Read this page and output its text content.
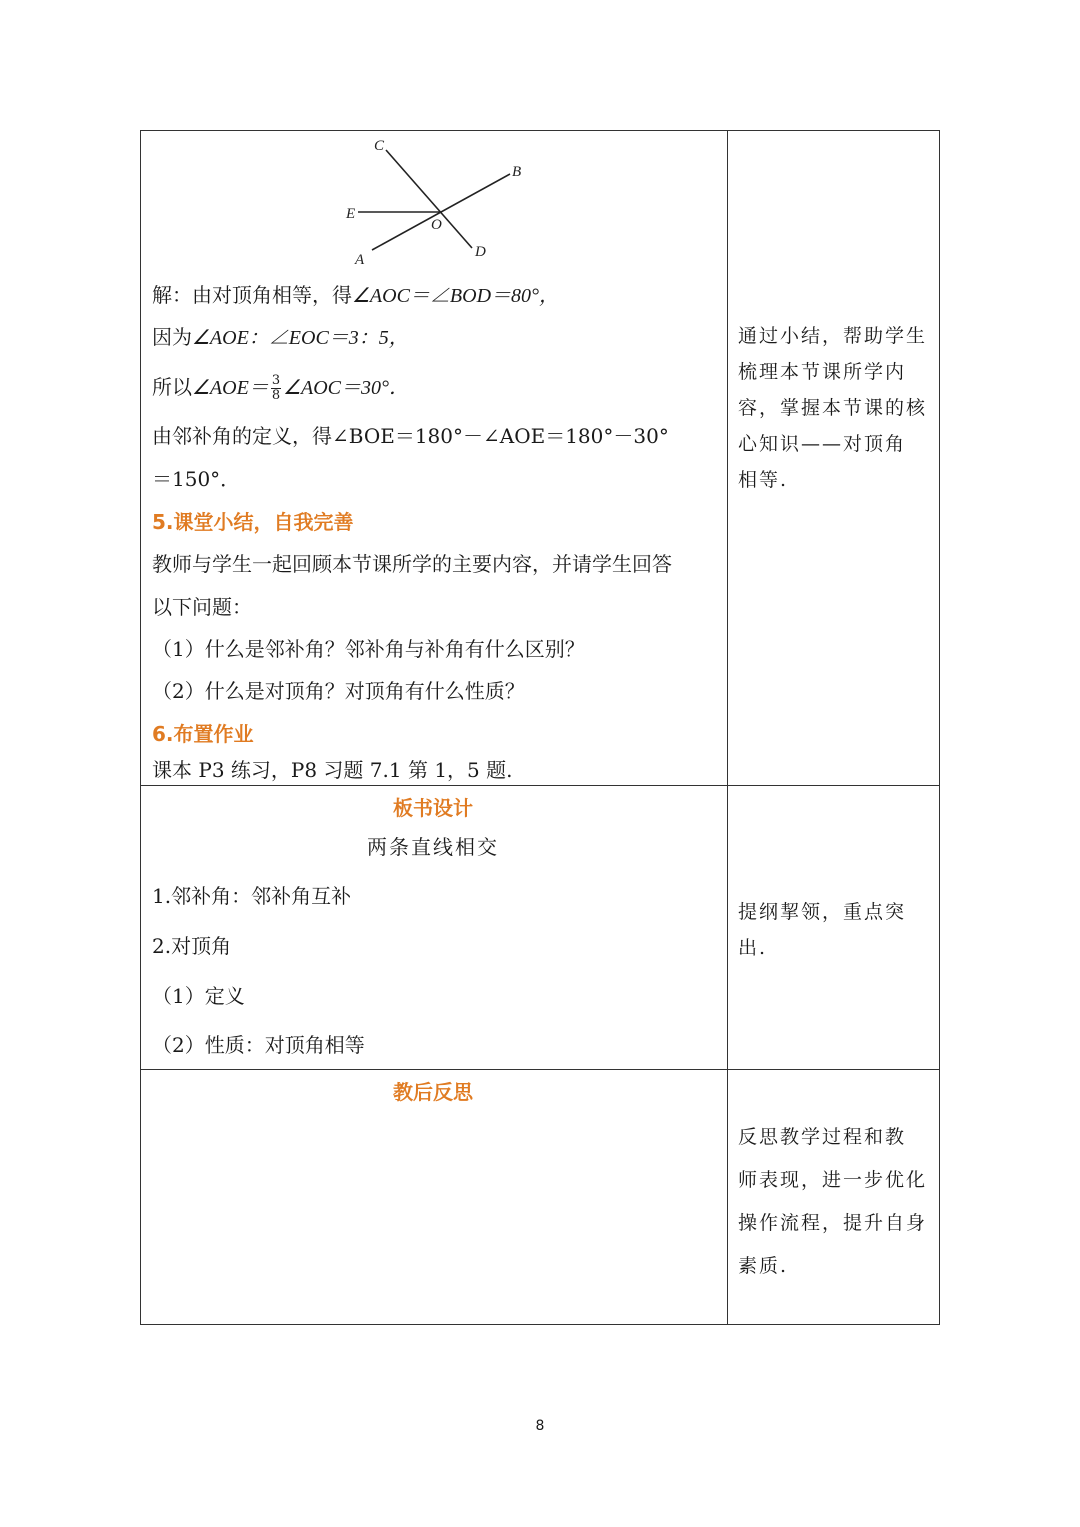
C
B
E
O
A	D
解：由对顶角相等，得∠AOC＝∠BOD＝80°，
因为∠AOE：∠EOC＝3：5，
所以∠AOE＝ $\frac{3}{8}$ ∠AOC＝30°．
由邻补角的定义，得∠BOE＝180°－∠AOE＝180°－30°
＝150°．
5.课堂小结，自我完善
教师与学生一起回顾本节课所学的主要内容，并请学生回答
以下问题：
（1）什么是邻补角？邻补角与补角有什么区别？
（2）什么是对顶角？对顶角有什么性质？
6.布置作业
课本 P3 练习，P8 习题 7.1 第 1，5 题.
通过小结，帮助学生
梳理本节课所学内
容，掌握本节课的核
心知识——对顶角
相等.
板书设计
两条直线相交
1.邻补角：邻补角互补
2.对顶角
（1）定义
（2）性质：对顶角相等
提纲挈领，重点突
出.
教后反思
反思教学过程和教
师表现，进一步优化
操作流程，提升自身
素质.
8
